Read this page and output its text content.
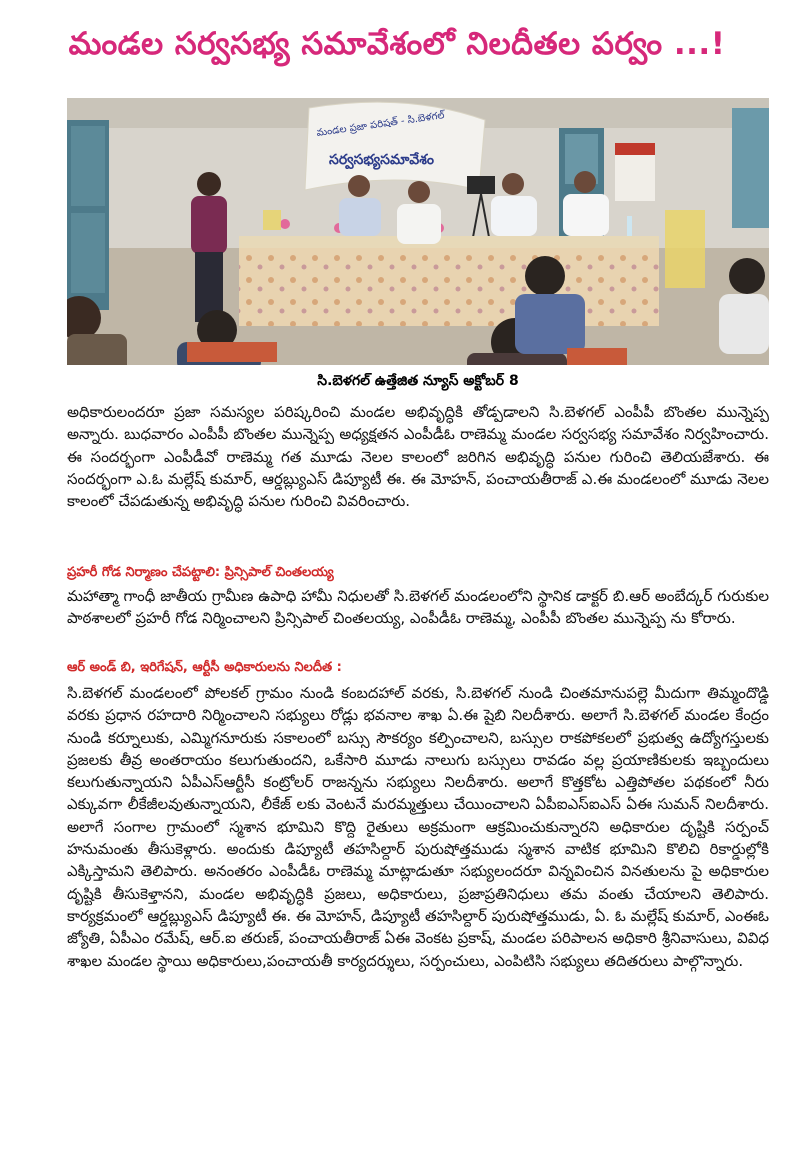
మండల సర్వసభ్య సమావేశంలో నిలదీతల పర్వం ...!
మండల ప్రజా పరిషత్ - సి.బెళగల్
సర్వసభ్యసమావేశం
సి.బెళగల్ ఉత్తేజిత న్యూస్ అక్టోబర్ 8
అధికారులందరూ ప్రజా సమస్యల పరిష్కరించి మండల అభివృద్ధికి తోడ్పడాలని సి.బెళగల్ ఎంపీపీ బొంతల మున్నెప్ప అన్నారు. బుధవారం ఎంపీపీ బొంతల మున్నెప్ప అధ్యక్షతన ఎంపీడీఓ రాణెమ్మ మండల సర్వసభ్య సమావేశం నిర్వహించారు. ఈ సందర్భంగా ఎంపీడీవో రాణెమ్మ గత మూడు నెలల కాలంలో జరిగిన అభివృద్ధి పనుల గురించి తెలియజేశారు. ఈ సందర్భంగా ఎ.ఓ మల్లేష్ కుమార్, ఆర్డబ్ల్యుఎస్ డిప్యూటీ ఈ. ఈ మోహన్, పంచాయతీరాజ్ ఎ.ఈ మండలంలో మూడు నెలల కాలంలో చేపడుతున్న అభివృద్ధి పనుల గురించి వివరించారు.
ప్రహరీ గోడ నిర్మాణం చేపట్టాలి: ప్రిన్సిపాల్ చింతలయ్య
మహాత్మా గాంధీ జాతీయ గ్రామీణ ఉపాధి హామీ నిధులతో సి.బెళగల్ మండలంలోని స్థానిక డాక్టర్ బి.ఆర్ అంబేద్కర్ గురుకుల పాఠశాలలో ప్రహరీ గోడ నిర్మించాలని ప్రిన్సిపాల్ చింతలయ్య, ఎంపీడీఓ రాణెమ్మ, ఎంపీపీ బొంతల మున్నెప్ప ను కోరారు.
ఆర్ అండ్ బి, ఇరిగేషన్, ఆర్టీసీ అధికారులను నిలదీత :
సి.బెళగల్ మండలంలో పోలకల్ గ్రామం నుండి కంబదహాల్ వరకు, సి.బెళగల్ నుండి చింతమానుపల్లె మీదుగా తిమ్మందొడ్డి వరకు ప్రధాన రహదారి నిర్మించాలని సభ్యులు రోడ్లు భవనాల శాఖ ఏ.ఈ షైబి నిలదీశారు. అలాగే సి.బెళగల్ మండల కేంద్రం నుండి కర్నూలుకు, ఎమ్మిగనూరుకు సకాలంలో బస్సు సౌకర్యం కల్పించాలని, బస్సుల రాకపోకలలో ప్రభుత్వ ఉద్యోగస్తులకు ప్రజలకు తీవ్ర అంతరాయం కలుగుతుందని, ఒకేసారి మూడు నాలుగు బస్సులు రావడం వల్ల ప్రయాణికులకు ఇబ్బందులు కలుగుతున్నాయని ఏపీఎస్ఆర్టీసీ కంట్రోలర్ రాజన్నను సభ్యులు నిలదీశారు. అలాగే కొత్తకోట ఎత్తిపోతల పథకంలో నీరు ఎక్కువగా లీకేజీలవుతున్నాయని, లీకేజ్ లకు వెంటనే మరమ్మత్తులు చేయించాలని ఏపీఐఎస్ఐఎస్ ఏఈ సుమన్ నిలదీశారు. అలాగే సంగాల గ్రామంలో స్మశాన భూమిని కొద్ది రైతులు అక్రమంగా ఆక్రమించుకున్నారని అధికారుల దృష్టికి సర్పంచ్ హనుమంతు తీసుకెళ్లారు. అందుకు డిప్యూటీ తహసిల్దార్ పురుషోత్తముడు స్మశాన వాటిక భూమిని కొలిచి రికార్డుల్లోకి ఎక్కిస్తామని తెలిపారు. అనంతరం ఎంపీడీఓ రాణెమ్మ మాట్లాడుతూ సభ్యులందరూ విన్నవించిన వినతులను పై అధికారుల దృష్టికి తీసుకెళ్తానని, మండల అభివృద్ధికి ప్రజలు, అధికారులు, ప్రజాప్రతినిధులు తమ వంతు చేయాలని తెలిపారు. కార్యక్రమంలో ఆర్డబ్ల్యుఎస్ డిప్యూటీ ఈ. ఈ మోహన్, డిప్యూటీ తహసిల్దార్ పురుషోత్తముడు, ఏ. ఓ మల్లేష్ కుమార్, ఎంఈఓ జ్యోతి, ఏపీఎం రమేష్, ఆర్.ఐ తరుణ్, పంచాయతీరాజ్ ఏఈ వెంకట ప్రకాష్, మండల పరిపాలన అధికారి శ్రీనివాసులు, వివిధ శాఖల మండల స్థాయి అధికారులు,పంచాయతీ కార్యదర్శులు, సర్పంచులు, ఎంపిటిసి సభ్యులు తదితరులు పాల్గొన్నారు.
